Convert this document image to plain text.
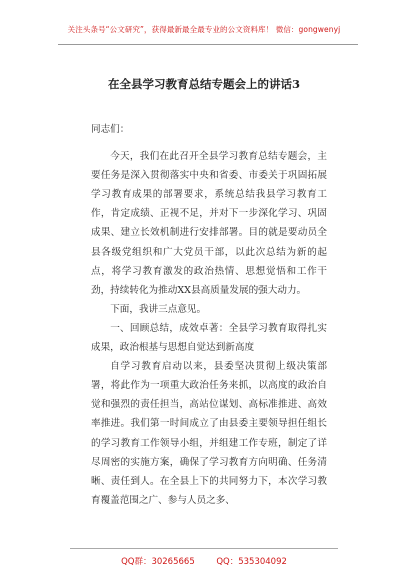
关注头条号“公文研究”，获得最新最全最专业的公文资料库！ 微信：gongwenyj
在全县学习教育总结专题会上的讲话3

同志们：

今天，我们在此召开全县学习教育总结专题会，主要任务是深入贯彻落实中央和省委、市委关于巩固拓展学习教育成果的部署要求，系统总结我县学习教育工作，肯定成绩、正视不足，并对下一步深化学习、巩固成果、建立长效机制进行安排部署。目的就是要动员全县各级党组织和广大党员干部，以此次总结为新的起点，将学习教育激发的政治热情、思想觉悟和工作干劲，持续转化为推动XX县高质量发展的强大动力。

下面，我讲三点意见。

一、回顾总结，成效卓著：全县学习教育取得扎实成果，政治根基与思想自觉达到新高度

自学习教育启动以来，县委坚决贯彻上级决策部署，将此作为一项重大政治任务来抓，以高度的政治自觉和强烈的责任担当，高站位谋划、高标准推进、高效率推进。我们第一时间成立了由县委主要领导担任组长的学习教育工作领导小组，并组建工作专班，制定了详尽周密的实施方案，确保了学习教育方向明确、任务清晰、责任到人。在全县上下的共同努力下，本次学习教育覆盖范围之广、参与人员之多、

QQ群：30265665        QQ：535304092
